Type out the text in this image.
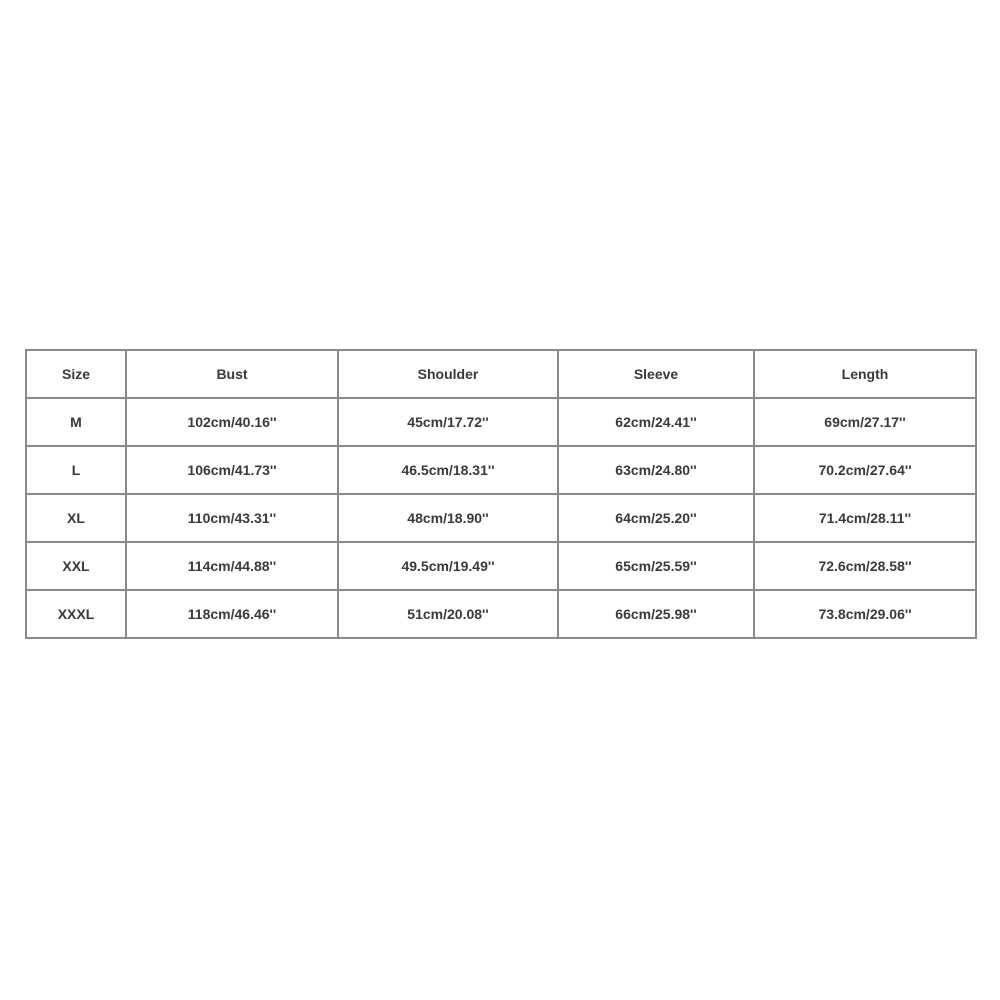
Size	Bust	Shoulder	Sleeve	Length
M	102cm/40.16''	45cm/17.72''	62cm/24.41''	69cm/27.17''
L	106cm/41.73''	46.5cm/18.31''	63cm/24.80''	70.2cm/27.64''
XL	110cm/43.31''	48cm/18.90''	64cm/25.20''	71.4cm/28.11''
XXL	114cm/44.88''	49.5cm/19.49''	65cm/25.59''	72.6cm/28.58''
XXXL	118cm/46.46''	51cm/20.08''	66cm/25.98''	73.8cm/29.06''
